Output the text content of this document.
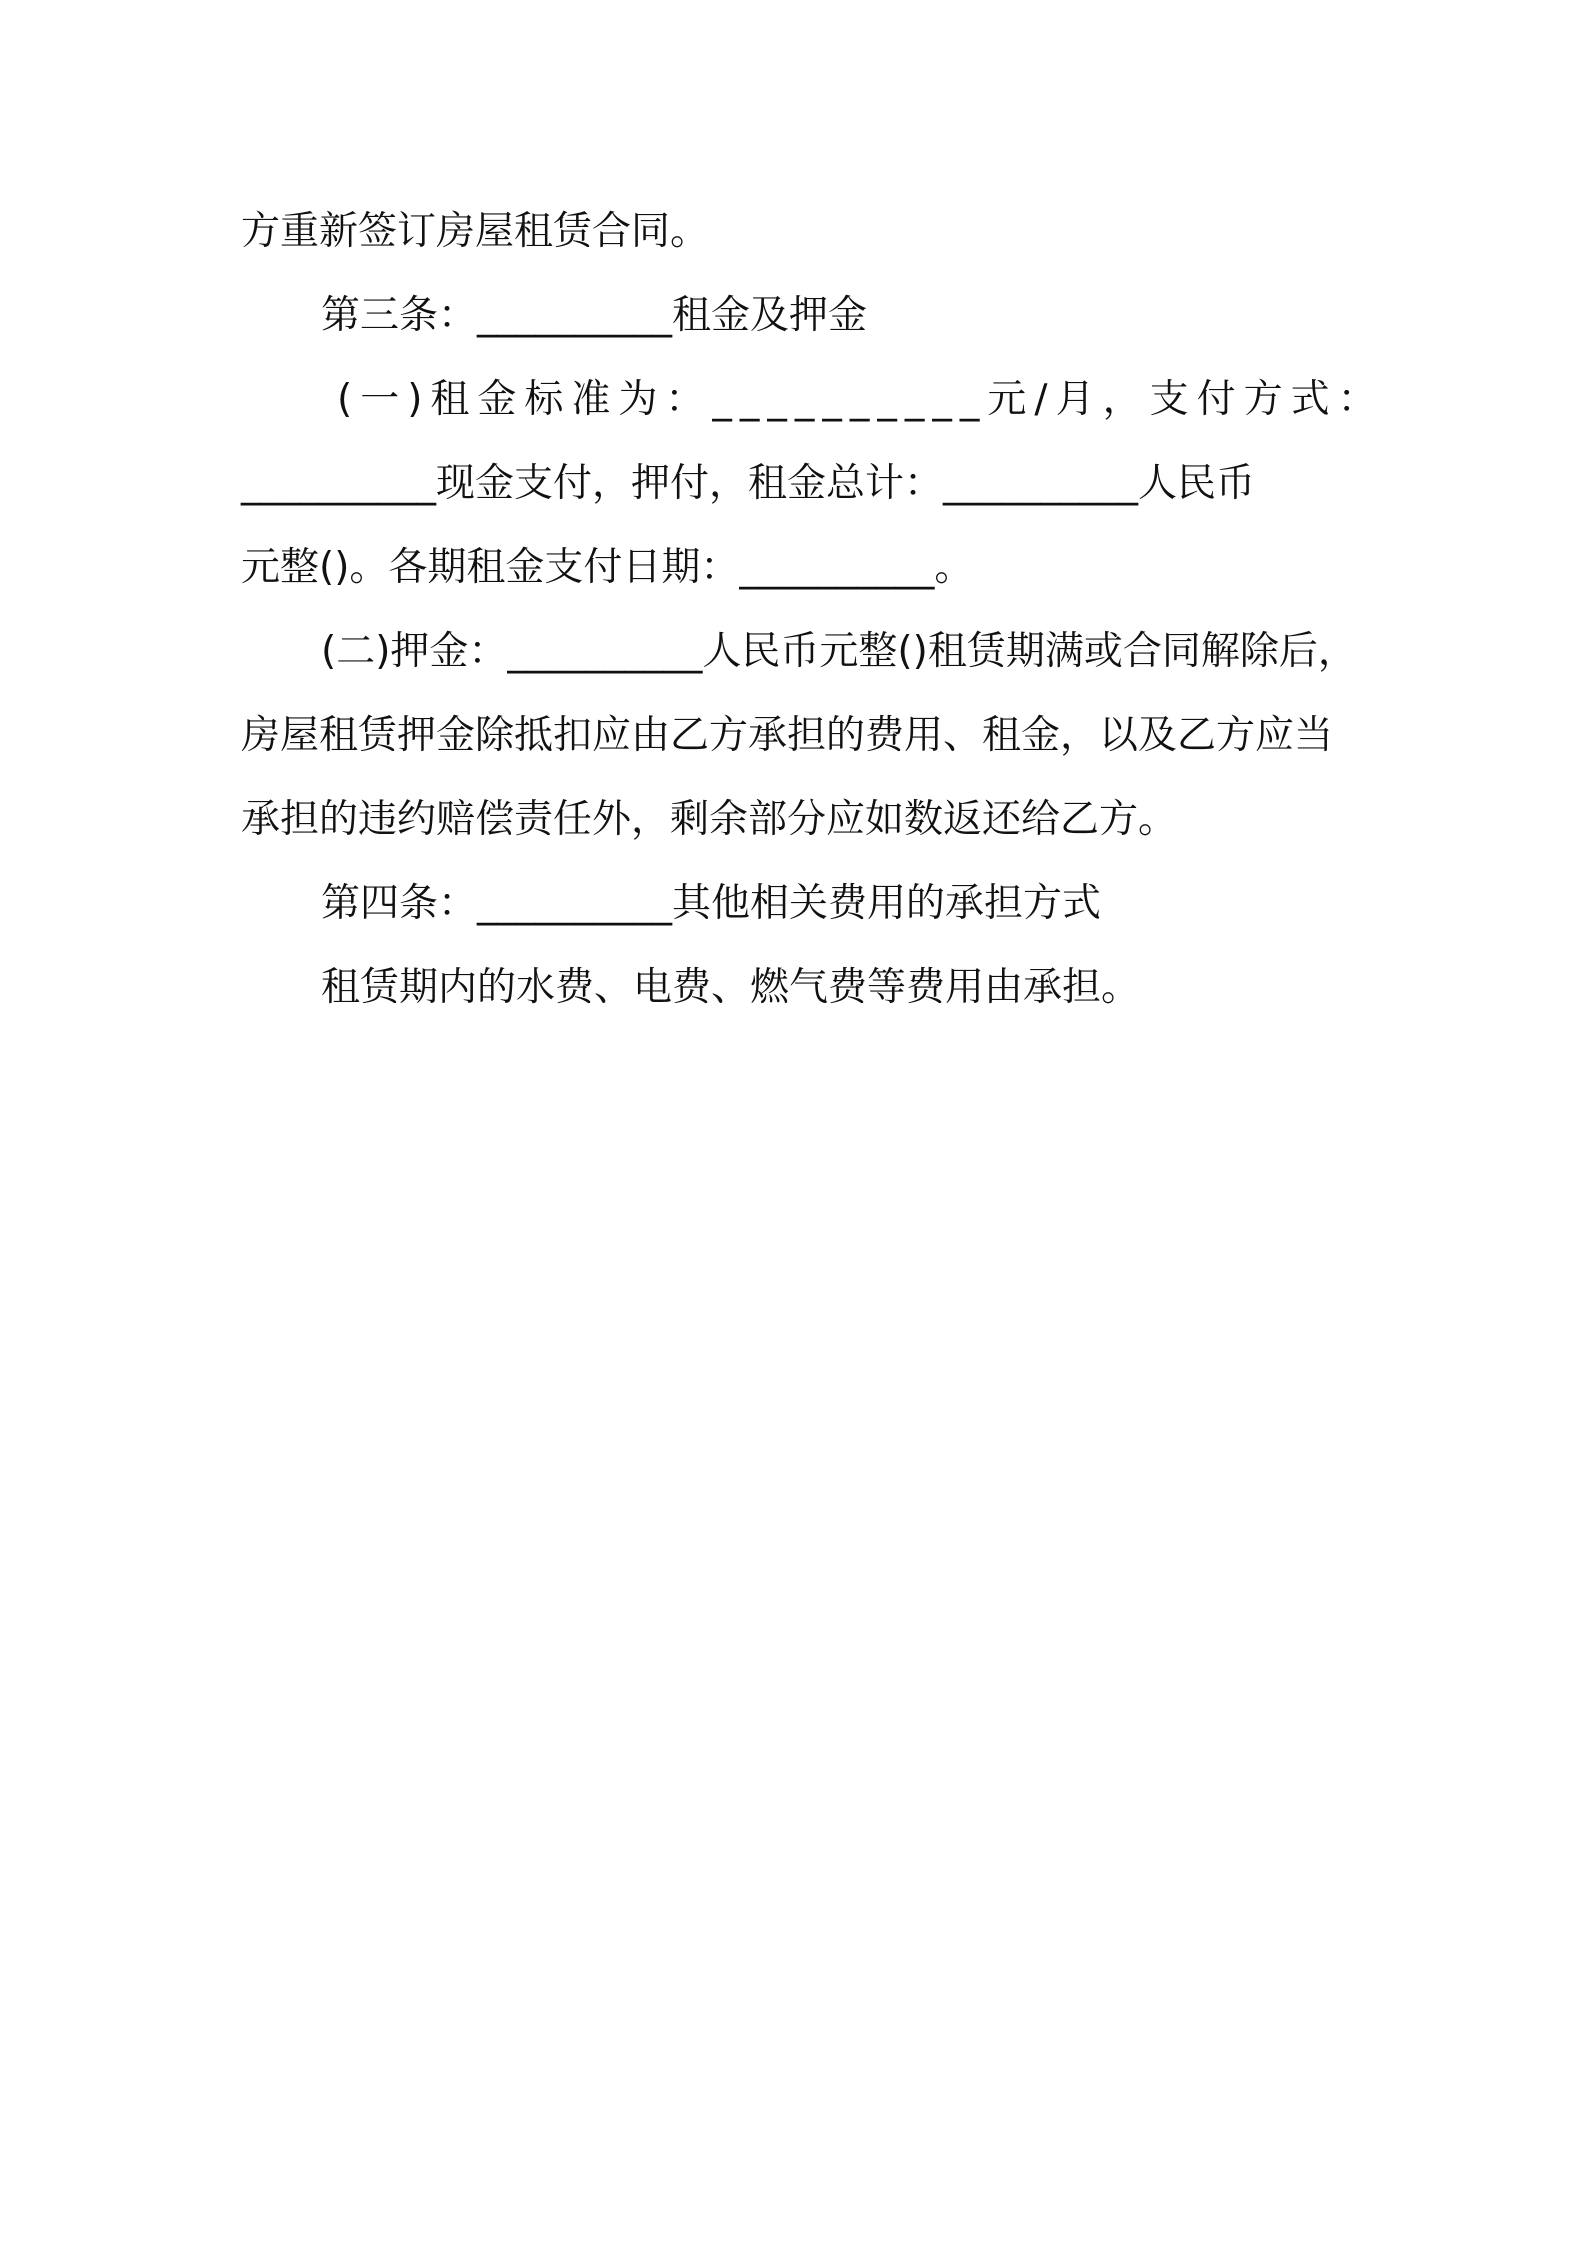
方重新签订房屋租赁合同。

第三条：__________租金及押金

(一)租金标准为：__________元/月，支付方式：

__________现金支付，押付，租金总计：__________人民币

元整()。各期租金支付日期：__________。

(二)押金：__________人民币元整()租赁期满或合同解除后，

房屋租赁押金除抵扣应由乙方承担的费用、租金，以及乙方应当

承担的违约赔偿责任外，剩余部分应如数返还给乙方。

第四条：__________其他相关费用的承担方式

租赁期内的水费、电费、燃气费等费用由承担。
